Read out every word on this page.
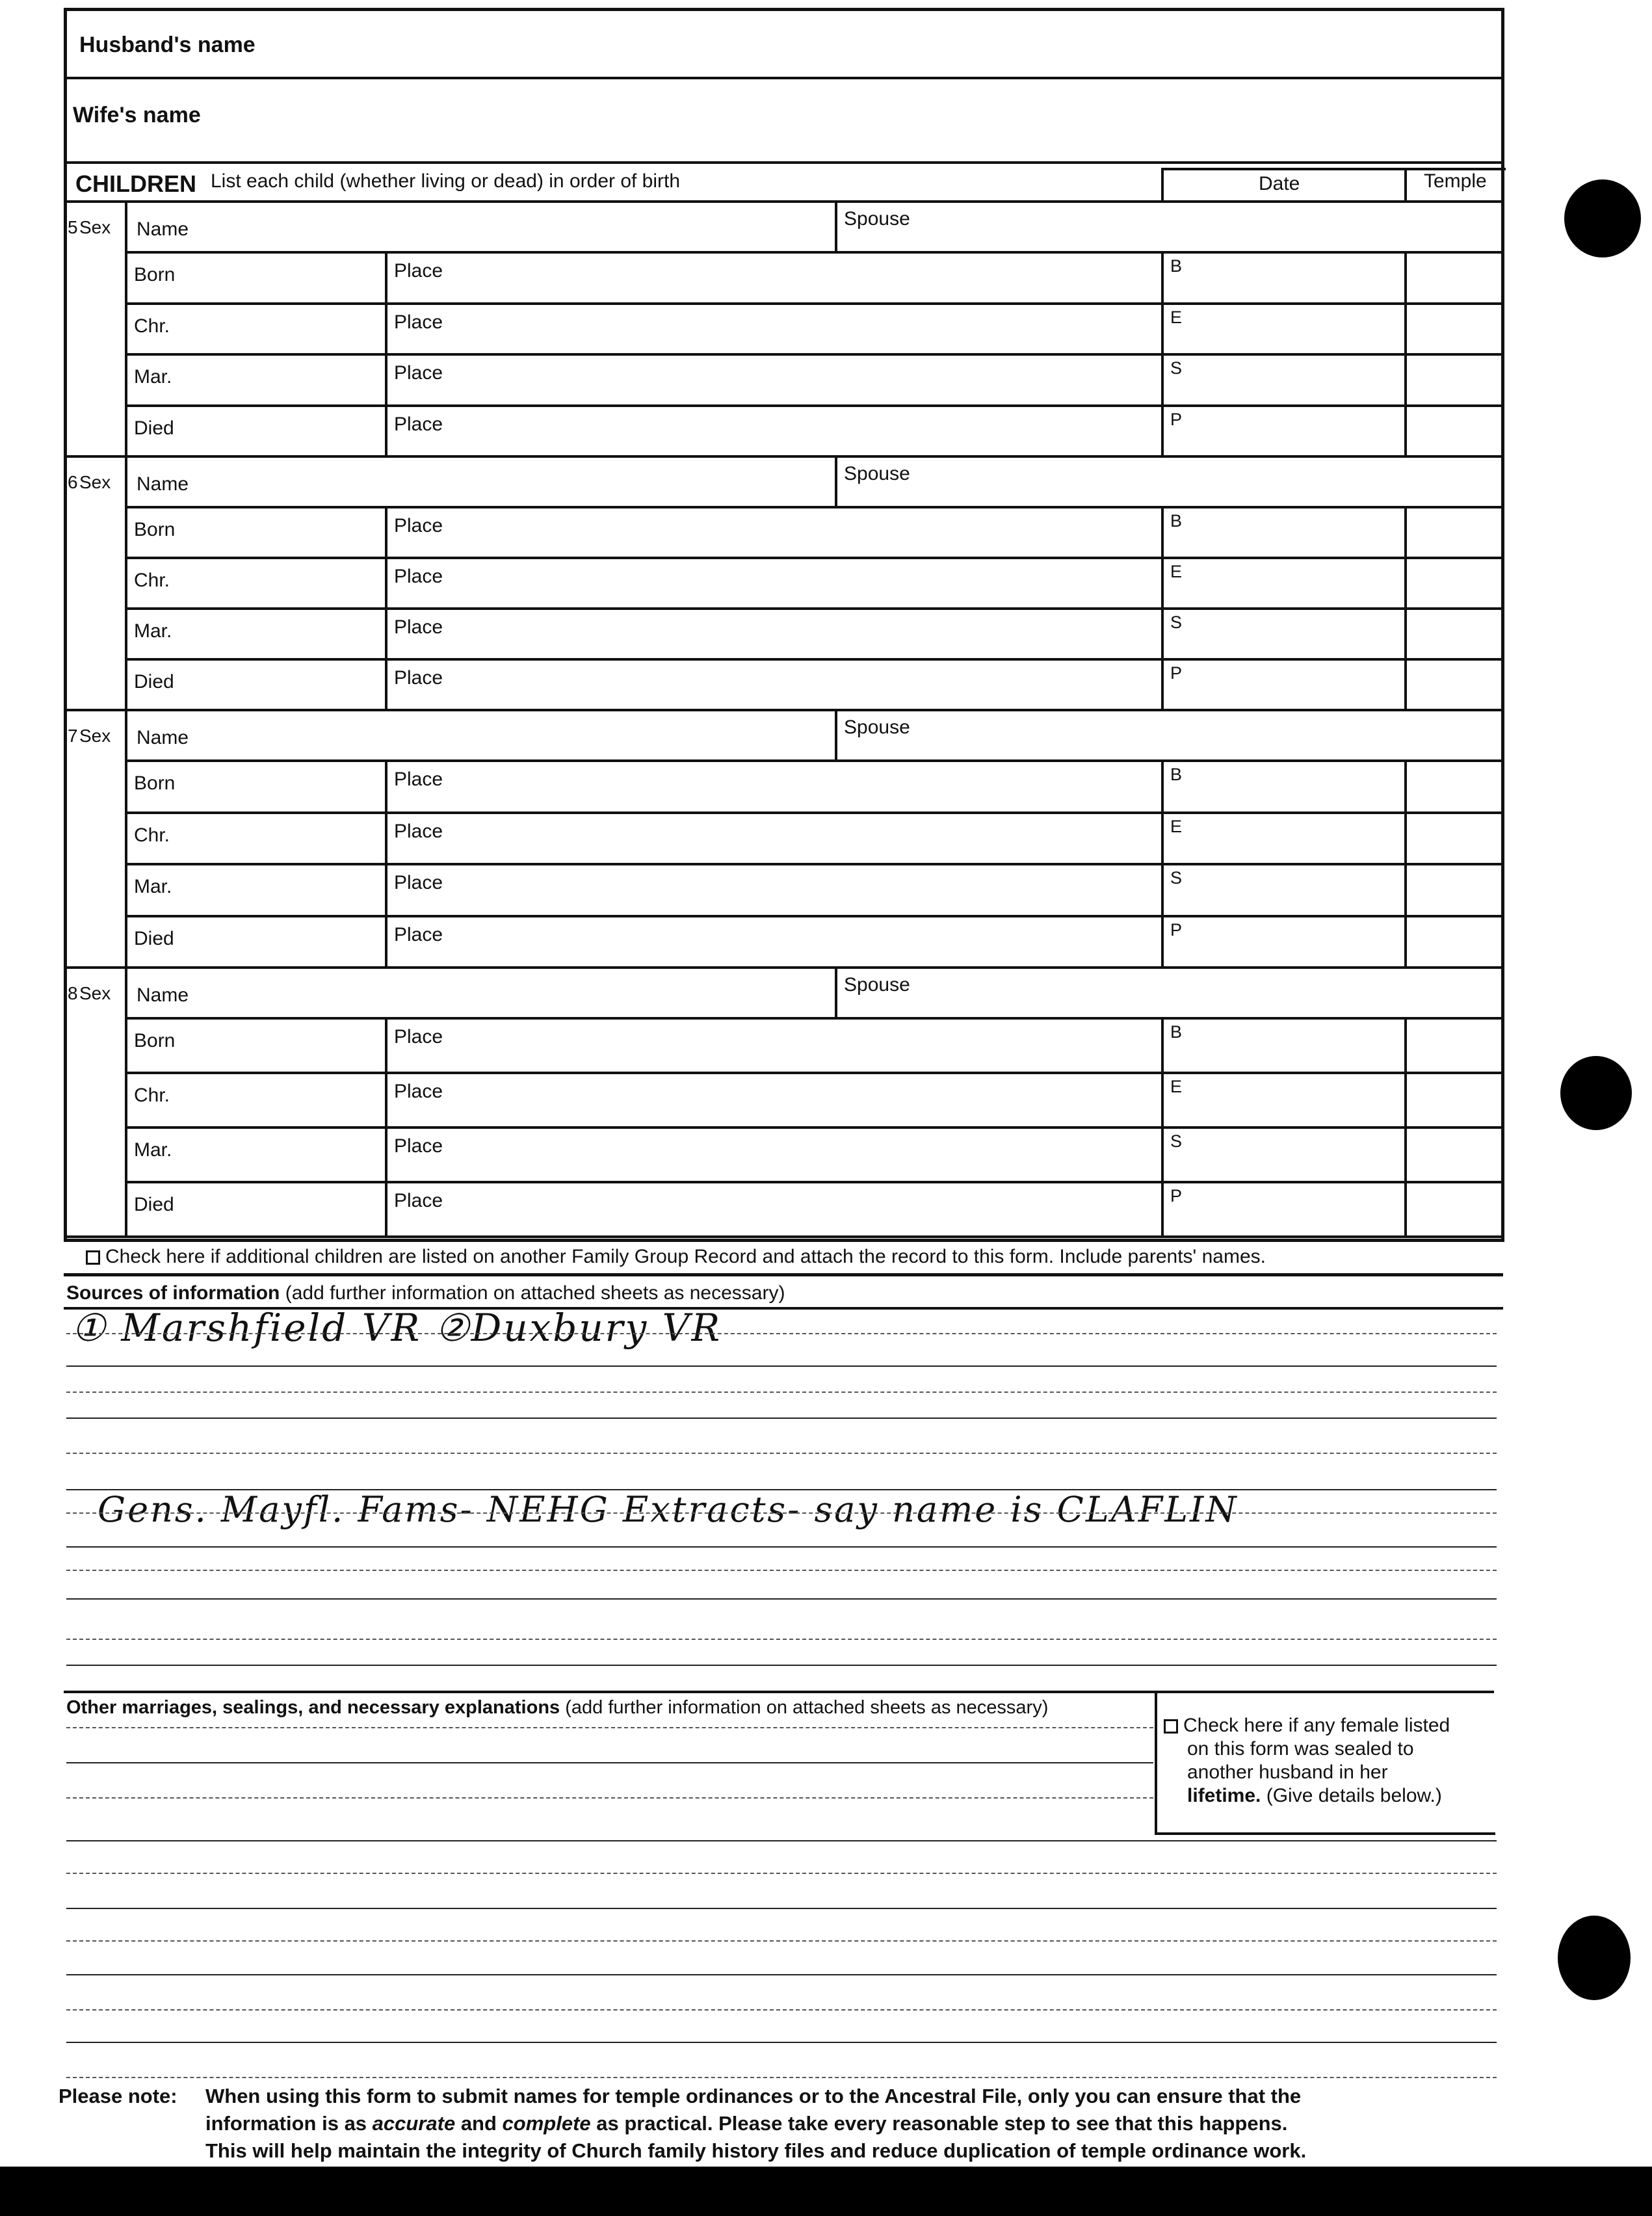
Husband's name
Wife's name
CHILDREN List each child (whether living or dead) in order of birth	Date	Temple
5 Sex Name	Spouse
Born	Place	B
Chr.	Place	E
Mar.	Place	S
Died	Place	P
6 Sex Name	Spouse
Born	Place	B
Chr.	Place	E
Mar.	Place	S
Died	Place	P
7 Sex Name	Spouse
Born	Place	B
Chr.	Place	E
Mar.	Place	S
Died	Place	P
8 Sex Name	Spouse
Born	Place	B
Chr.	Place	E
Mar.	Place	S
Died	Place	P
Check here if additional children are listed on another Family Group Record and attach the record to this form. Include parents' names.
Sources of information (add further information on attached sheets as necessary)
① Marshfield VR ②Duxbury VR
Gens. Mayfl. Fams- NEHG Extracts- say name is CLAFLIN
Other marriages, sealings, and necessary explanations (add further information on attached sheets as necessary)
Check here if any female listed
on this form was sealed to
another husband in her
lifetime. (Give details below.)
Please note: When using this form to submit names for temple ordinances or to the Ancestral File, only you can ensure that the
information is as accurate and complete as practical. Please take every reasonable step to see that this happens.
This will help maintain the integrity of Church family history files and reduce duplication of temple ordinance work.
